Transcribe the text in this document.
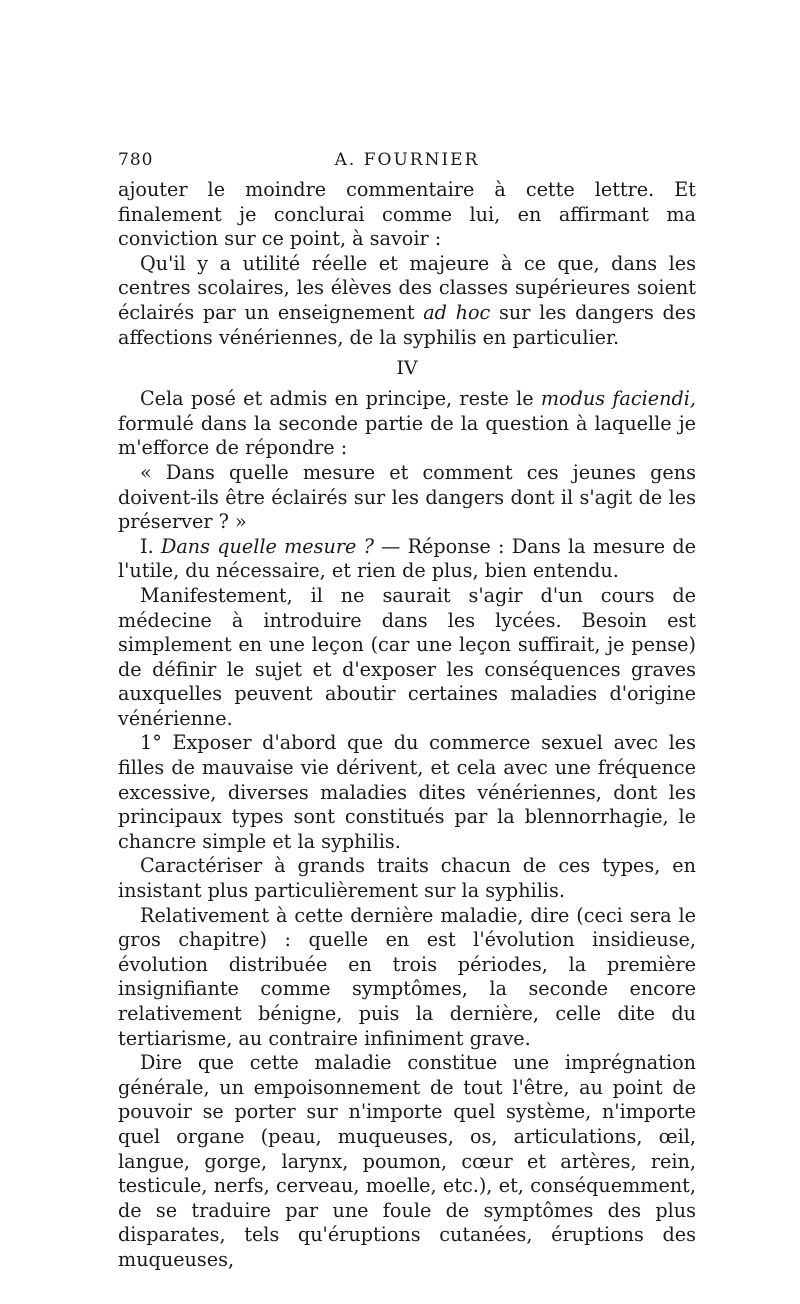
780	A. FOURNIER

ajouter le moindre commentaire à cette lettre. Et finalement je conclurai comme lui, en affirmant ma conviction sur ce point, à savoir :

Qu'il y a utilité réelle et majeure à ce que, dans les centres scolaires, les élèves des classes supérieures soient éclairés par un enseignement ad hoc sur les dangers des affections vénériennes, de la syphilis en particulier.

IV

Cela posé et admis en principe, reste le modus faciendi, formulé dans la seconde partie de la question à laquelle je m'efforce de répondre :

« Dans quelle mesure et comment ces jeunes gens doivent-ils être éclairés sur les dangers dont il s'agit de les préserver ? »

I. Dans quelle mesure ? — Réponse : Dans la mesure de l'utile, du nécessaire, et rien de plus, bien entendu.

Manifestement, il ne saurait s'agir d'un cours de médecine à introduire dans les lycées. Besoin est simplement en une leçon (car une leçon suffirait, je pense) de définir le sujet et d'exposer les conséquences graves auxquelles peuvent aboutir certaines maladies d'origine vénérienne.

1° Exposer d'abord que du commerce sexuel avec les filles de mauvaise vie dérivent, et cela avec une fréquence excessive, diverses maladies dites vénériennes, dont les principaux types sont constitués par la blennorrhagie, le chancre simple et la syphilis.

Caractériser à grands traits chacun de ces types, en insistant plus particulièrement sur la syphilis.

Relativement à cette dernière maladie, dire (ceci sera le gros chapitre) : quelle en est l'évolution insidieuse, évolution distribuée en trois périodes, la première insignifiante comme symptômes, la seconde encore relativement bénigne, puis la dernière, celle dite du tertiarisme, au contraire infiniment grave.

Dire que cette maladie constitue une imprégnation générale, un empoisonnement de tout l'être, au point de pouvoir se porter sur n'importe quel système, n'importe quel organe (peau, muqueuses, os, articulations, œil, langue, gorge, larynx, poumon, cœur et artères, rein, testicule, nerfs, cerveau, moelle, etc.), et, conséquemment, de se traduire par une foule de symptômes des plus disparates, tels qu'éruptions cutanées, éruptions des muqueuses,
